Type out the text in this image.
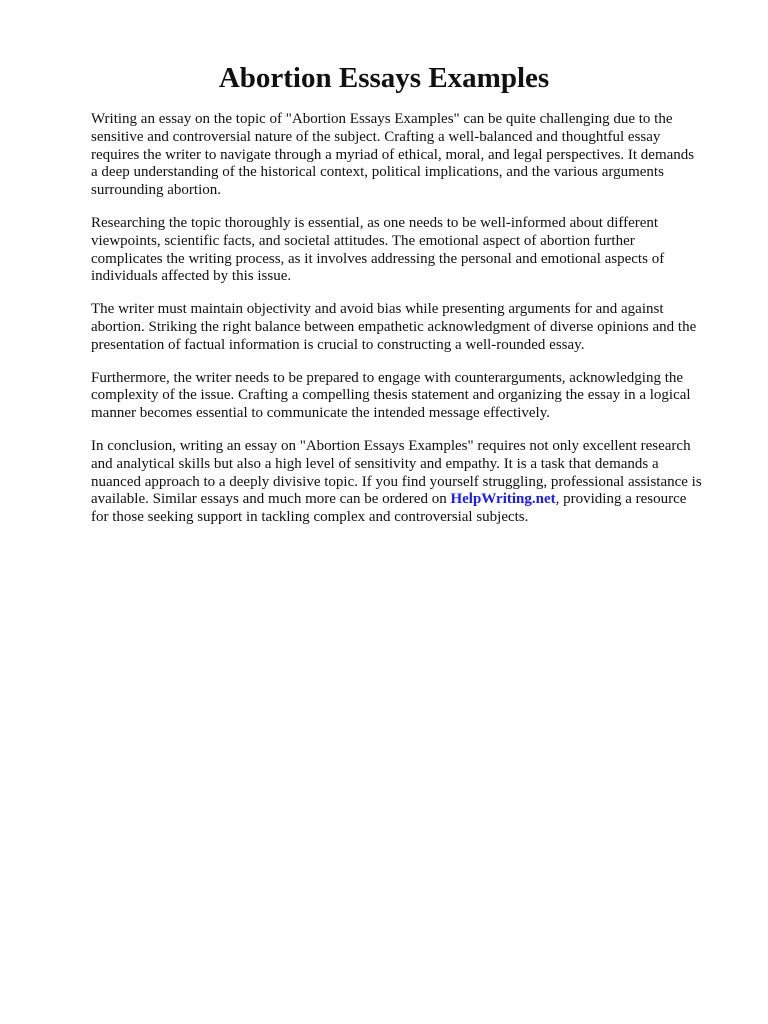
Abortion Essays Examples

Writing an essay on the topic of "Abortion Essays Examples" can be quite challenging due to the
sensitive and controversial nature of the subject. Crafting a well-balanced and thoughtful essay
requires the writer to navigate through a myriad of ethical, moral, and legal perspectives. It demands
a deep understanding of the historical context, political implications, and the various arguments
surrounding abortion.

Researching the topic thoroughly is essential, as one needs to be well-informed about different
viewpoints, scientific facts, and societal attitudes. The emotional aspect of abortion further
complicates the writing process, as it involves addressing the personal and emotional aspects of
individuals affected by this issue.

The writer must maintain objectivity and avoid bias while presenting arguments for and against
abortion. Striking the right balance between empathetic acknowledgment of diverse opinions and the
presentation of factual information is crucial to constructing a well-rounded essay.

Furthermore, the writer needs to be prepared to engage with counterarguments, acknowledging the
complexity of the issue. Crafting a compelling thesis statement and organizing the essay in a logical
manner becomes essential to communicate the intended message effectively.

In conclusion, writing an essay on "Abortion Essays Examples" requires not only excellent research
and analytical skills but also a high level of sensitivity and empathy. It is a task that demands a
nuanced approach to a deeply divisive topic. If you find yourself struggling, professional assistance is
available. Similar essays and much more can be ordered on HelpWriting.net, providing a resource
for those seeking support in tackling complex and controversial subjects.
